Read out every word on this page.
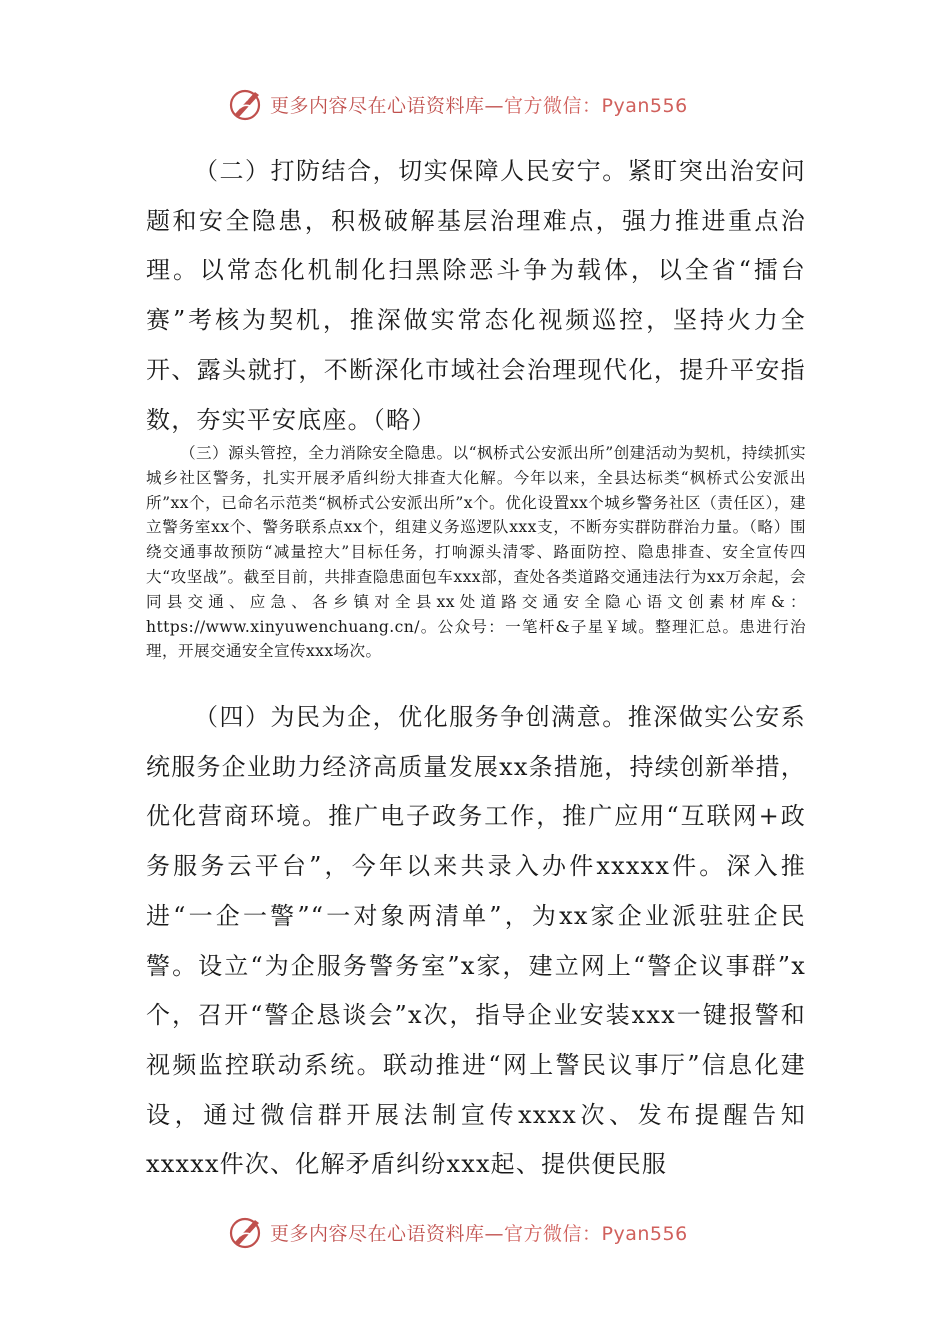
更多内容尽在心语资料库—官方微信：Pyan556

（二）打防结合，切实保障人民安宁。紧盯突出治安问题和安全隐患，积极破解基层治理难点，强力推进重点治理。以常态化机制化扫黑除恶斗争为载体，以全省“擂台赛”考核为契机，推深做实常态化视频巡控，坚持火力全开、露头就打，不断深化市域社会治理现代化，提升平安指数，夯实平安底座。（略）

（三）源头管控，全力消除安全隐患。以“枫桥式公安派出所”创建活动为契机，持续抓实城乡社区警务，扎实开展矛盾纠纷大排查大化解。今年以来，全县达标类“枫桥式公安派出所”xx个，已命名示范类“枫桥式公安派出所”x个。优化设置xx个城乡警务社区（责任区），建立警务室xx个、警务联系点xx个，组建义务巡逻队xxx支，不断夯实群防群治力量。（略）围绕交通事故预防“减量控大”目标任务，打响源头清零、路面防控、隐患排查、安全宣传四大“攻坚战”。截至目前，共排查隐患面包车xxx部，查处各类道路交通违法行为xx万余起，会同县交通、应急、各乡镇对全县xx处道路交通安全隐心语文创素材库&：https://www.xinyuwenchuang.cn/。公众号：一笔杆&子星￥域。整理汇总。患进行治理，开展交通安全宣传xxx场次。

（四）为民为企，优化服务争创满意。推深做实公安系统服务企业助力经济高质量发展xx条措施，持续创新举措，优化营商环境。推广电子政务工作，推广应用“互联网+政务服务云平台”，今年以来共录入办件xxxxx件。深入推进“一企一警”“一对象两清单”，为xx家企业派驻驻企民警。设立“为企服务警务室”x家，建立网上“警企议事群”x个，召开“警企恳谈会”x次，指导企业安装xxx一键报警和视频监控联动系统。联动推进“网上警民议事厅”信息化建设，通过微信群开展法制宣传xxxx次、发布提醒告知xxxxx件次、化解矛盾纠纷xxx起、提供便民服

更多内容尽在心语资料库—官方微信：Pyan556
